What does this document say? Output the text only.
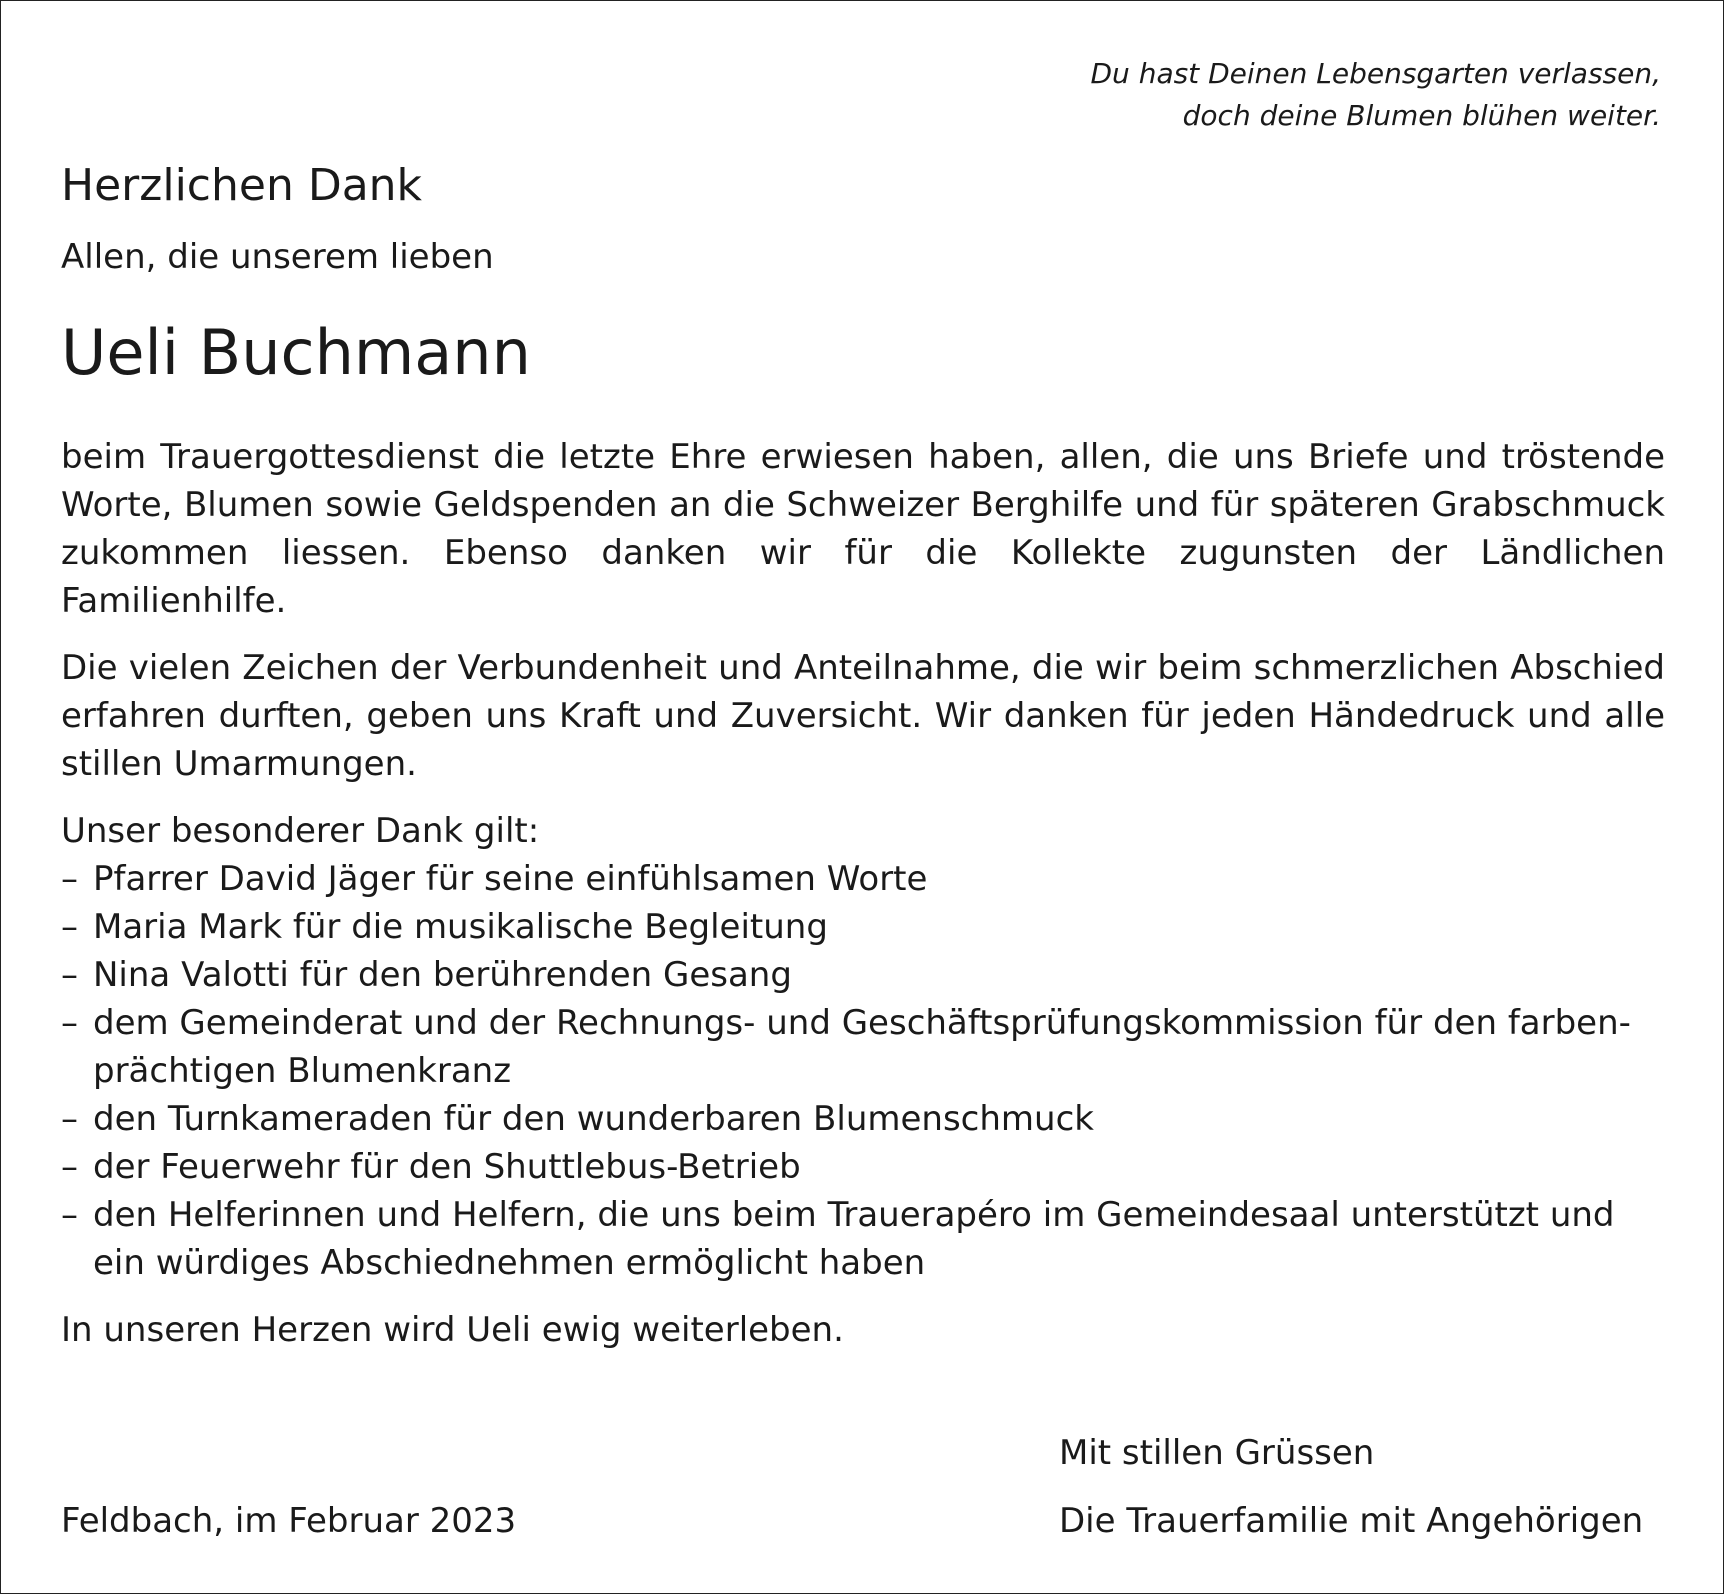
Du hast Deinen Lebensgarten verlassen,
doch deine Blumen blühen weiter.
Herzlichen Dank

Allen, die unserem lieben

Ueli Buchmann

beim Trauergottesdienst die letzte Ehre erwiesen haben, allen, die uns Briefe und tröstende Worte, Blumen sowie Geldspenden an die Schweizer Berghilfe und für späteren Grabschmuck zukommen liessen. Ebenso danken wir für die Kollekte zugunsten der Ländlichen Familienhilfe.

Die vielen Zeichen der Verbundenheit und Anteilnahme, die wir beim schmerzlichen Abschied erfahren durften, geben uns Kraft und Zuversicht. Wir danken für jeden Händedruck und alle stillen Umarmungen.

Unser besonderer Dank gilt:

– Pfarrer David Jäger für seine einfühlsamen Worte
– Maria Mark für die musikalische Begleitung
– Nina Valotti für den berührenden Gesang
– dem Gemeinderat und der Rechnungs- und Geschäftsprüfungskommission für den farbenprächtigen Blumenkranz
– den Turnkameraden für den wunderbaren Blumenschmuck
– der Feuerwehr für den Shuttlebus-Betrieb
– den Helferinnen und Helfern, die uns beim Trauerapéro im Gemeindesaal unterstützt und ein würdiges Abschiednehmen ermöglicht haben

In unseren Herzen wird Ueli ewig weiterleben.

Feldbach, im Februar 2023

Mit stillen Grüssen

Die Trauerfamilie mit Angehörigen
